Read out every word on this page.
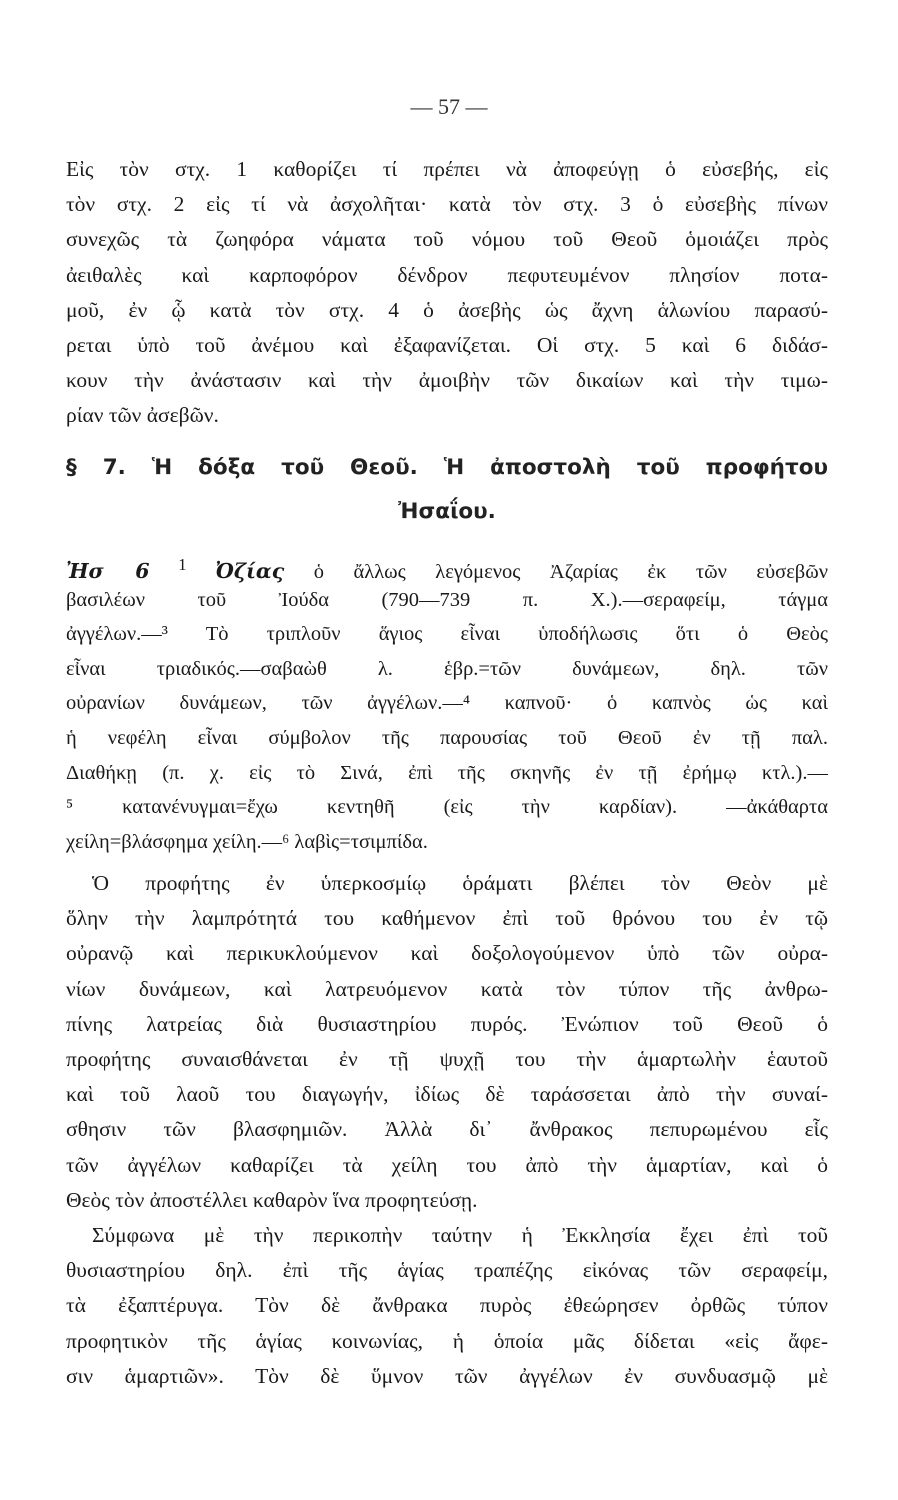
— 57 —
Εἰς τὸν στχ. 1 καθορίζει τί πρέπει νὰ ἀποφεύγῃ ὁ εὐσεβής, εἰς
τὸν στχ. 2 εἰς τί νὰ ἀσχολῆται· κατὰ τὸν στχ. 3 ὁ εὐσεβὴς πίνων
συνεχῶς τὰ ζωηφόρα νάματα τοῦ νόμου τοῦ Θεοῦ ὁμοιάζει πρὸς
ἀειθαλὲς καὶ καρποφόρον δένδρον πεφυτευμένον πλησίον ποτα-
μοῦ, ἐν ᾧ κατὰ τὸν στχ. 4 ὁ ἀσεβὴς ὡς ἄχνη ἁλωνίου παρασύ-
ρεται ὑπὸ τοῦ ἀνέμου καὶ ἐξαφανίζεται. Οἱ στχ. 5 καὶ 6 διδάσ-
κουν τὴν ἀνάστασιν καὶ τὴν ἀμοιβὴν τῶν δικαίων καὶ τὴν τιμω-
ρίαν τῶν ἀσεβῶν.
§ 7. Ἡ δόξα τοῦ Θεοῦ. Ἡ ἀποστολὴ τοῦ προφήτου
Ἠσαΐου.
Ἠσ 6 $^1$ Ὀζίας ὁ ἄλλως λεγόμενος Ἀζαρίας ἐκ τῶν εὐσεβῶν
βασιλέων τοῦ Ἰούδα (790—739 π. Χ.).—σεραφείμ, τάγμα
ἀγγέλων.—³ Τὸ τριπλοῦν ἅγιος εἶναι ὑποδήλωσις ὅτι ὁ Θεὸς
εἶναι τριαδικός.—σαβαὼθ λ. ἑβρ.=τῶν δυνάμεων, δηλ. τῶν
οὐρανίων δυνάμεων, τῶν ἀγγέλων.—⁴ καπνοῦ· ὁ καπνὸς ὡς καὶ
ἡ νεφέλη εἶναι σύμβολον τῆς παρουσίας τοῦ Θεοῦ ἐν τῇ παλ.
Διαθήκῃ (π. χ. εἰς τὸ Σινά, ἐπὶ τῆς σκηνῆς ἐν τῇ ἐρήμῳ κτλ.).—
⁵ κατανένυγμαι=ἔχω κεντηθῆ (εἰς τὴν καρδίαν). —ἀκάθαρτα
χείλη=βλάσφημα χείλη.—⁶ λαβὶς=τσιμπίδα.
Ὁ προφήτης ἐν ὑπερκοσμίῳ ὁράματι βλέπει τὸν Θεὸν μὲ
ὅλην τὴν λαμπρότητά του καθήμενον ἐπὶ τοῦ θρόνου του ἐν τῷ
οὐρανῷ καὶ περικυκλούμενον καὶ δοξολογούμενον ὑπὸ τῶν οὐρα-
νίων δυνάμεων, καὶ λατρευόμενον κατὰ τὸν τύπον τῆς ἀνθρω-
πίνης λατρείας διὰ θυσιαστηρίου πυρός. Ἐνώπιον τοῦ Θεοῦ ὁ
προφήτης συναισθάνεται ἐν τῇ ψυχῇ του τὴν ἁμαρτωλὴν ἑαυτοῦ
καὶ τοῦ λαοῦ του διαγωγήν, ἰδίως δὲ ταράσσεται ἀπὸ τὴν συναί-
σθησιν τῶν βλασφημιῶν. Ἀλλὰ δι᾽ ἄνθρακος πεπυρωμένου εἷς
τῶν ἀγγέλων καθαρίζει τὰ χείλη του ἀπὸ τὴν ἁμαρτίαν, καὶ ὁ
Θεὸς τὸν ἀποστέλλει καθαρὸν ἵνα προφητεύσῃ.
Σύμφωνα μὲ τὴν περικοπὴν ταύτην ἡ Ἐκκλησία ἔχει ἐπὶ τοῦ
θυσιαστηρίου δηλ. ἐπὶ τῆς ἁγίας τραπέζης εἰκόνας τῶν σεραφείμ,
τὰ ἐξαπτέρυγα. Τὸν δὲ ἄνθρακα πυρὸς ἐθεώρησεν ὀρθῶς τύπον
προφητικὸν τῆς ἁγίας κοινωνίας, ἡ ὁποία μᾶς δίδεται «εἰς ἄφε-
σιν ἁμαρτιῶν». Τὸν δὲ ὕμνον τῶν ἀγγέλων ἐν συνδυασμῷ μὲ
